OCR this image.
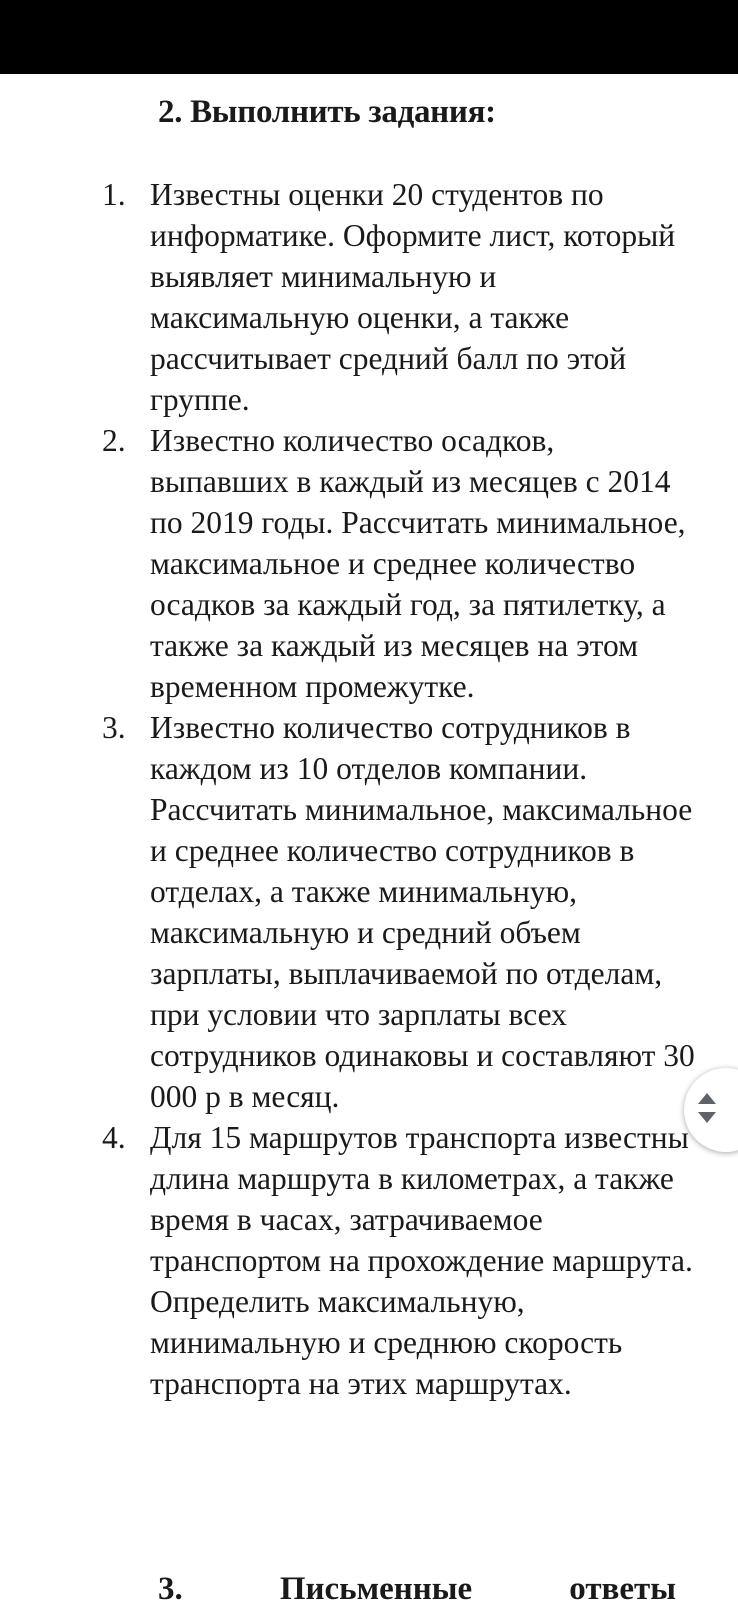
2. Выполнить задания:
1. Известны оценки 20 студентов по информатике. Оформите лист, который выявляет минимальную и максимальную оценки, а также рассчитывает средний балл по этой группе.
2. Известно количество осадков, выпавших в каждый из месяцев с 2014 по 2019 годы. Рассчитать минимальное, максимальное и среднее количество осадков за каждый год, за пятилетку, а также за каждый из месяцев на этом временном промежутке.
3. Известно количество сотрудников в каждом из 10 отделов компании. Рассчитать минимальное, максимальное и среднее количество сотрудников в отделах, а также минимальную, максимальную и средний объем зарплаты, выплачиваемой по отделам, при условии что зарплаты всех сотрудников одинаковы и составляют 30 000 р в месяц.
4. Для 15 маршрутов транспорта известны длина маршрута в километрах, а также время в часах, затрачиваемое транспортом на прохождение маршрута. Определить максимальную, минимальную и среднюю скорость транспорта на этих маршрутах.
3.	Письменные	ответы
